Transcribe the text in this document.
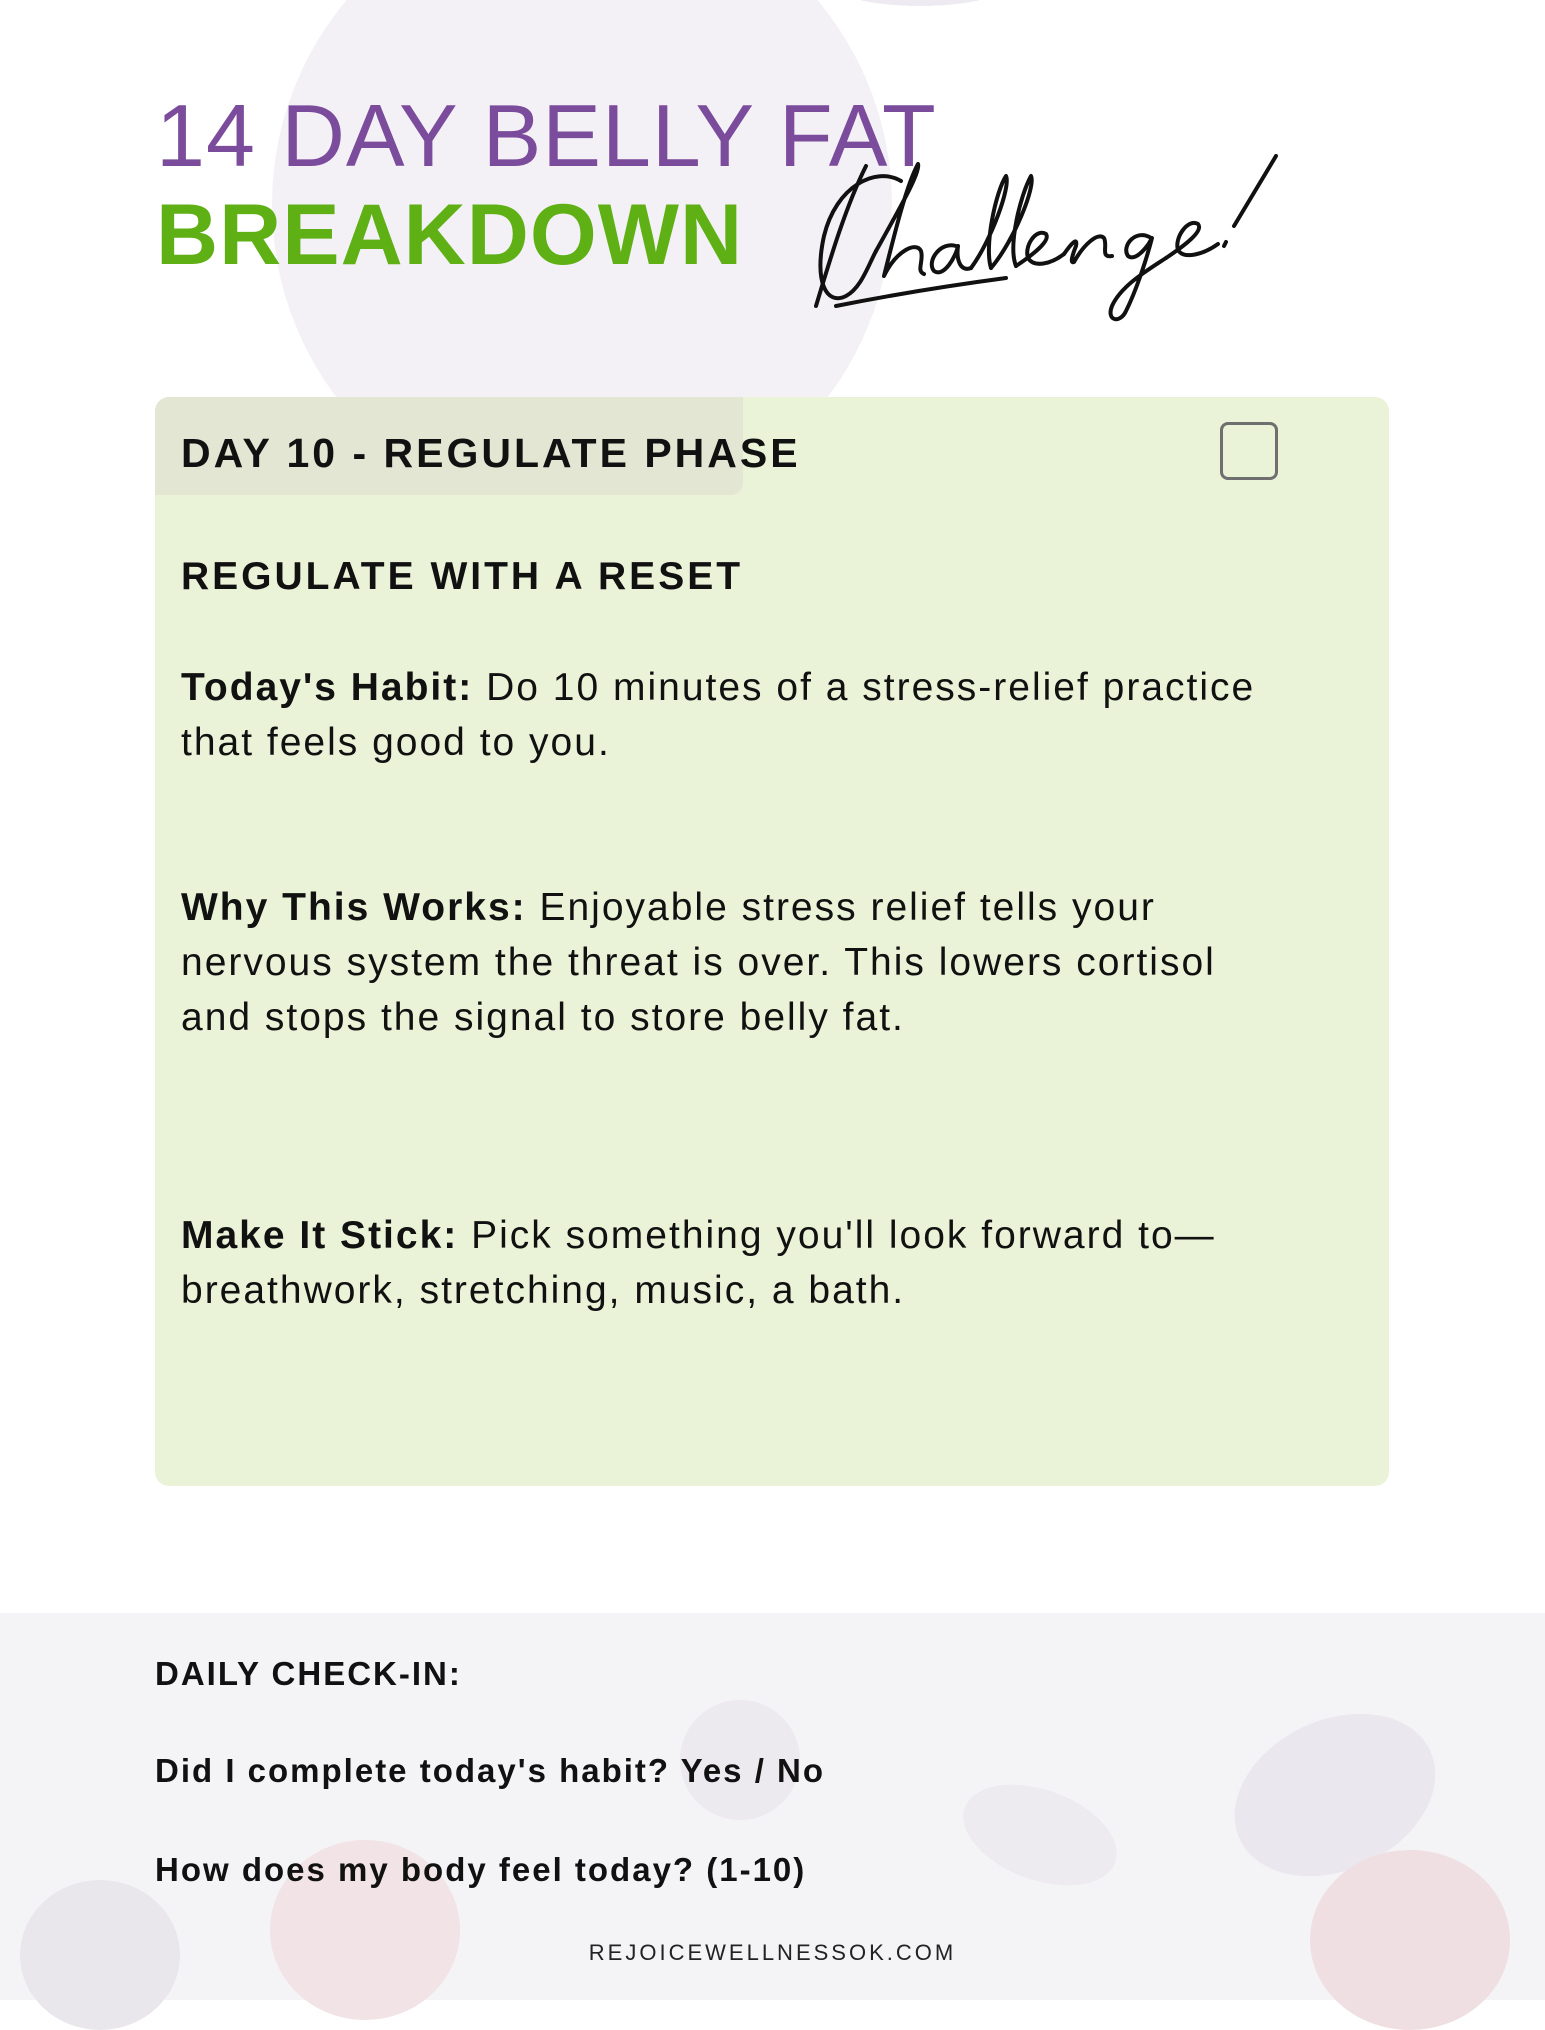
14 DAY BELLY FAT
BREAKDOWN
DAY 10 - REGULATE PHASE
REGULATE WITH A RESET
Today's Habit: Do 10 minutes of a stress-relief practice that feels good to you.
Why This Works: Enjoyable stress relief tells your nervous system the threat is over. This lowers cortisol and stops the signal to store belly fat.
Make It Stick: Pick something you'll look forward to—breathwork, stretching, music, a bath.
DAILY CHECK-IN:
Did I complete today's habit? Yes / No
How does my body feel today? (1-10)
REJOICEWELLNESSOK.COM
